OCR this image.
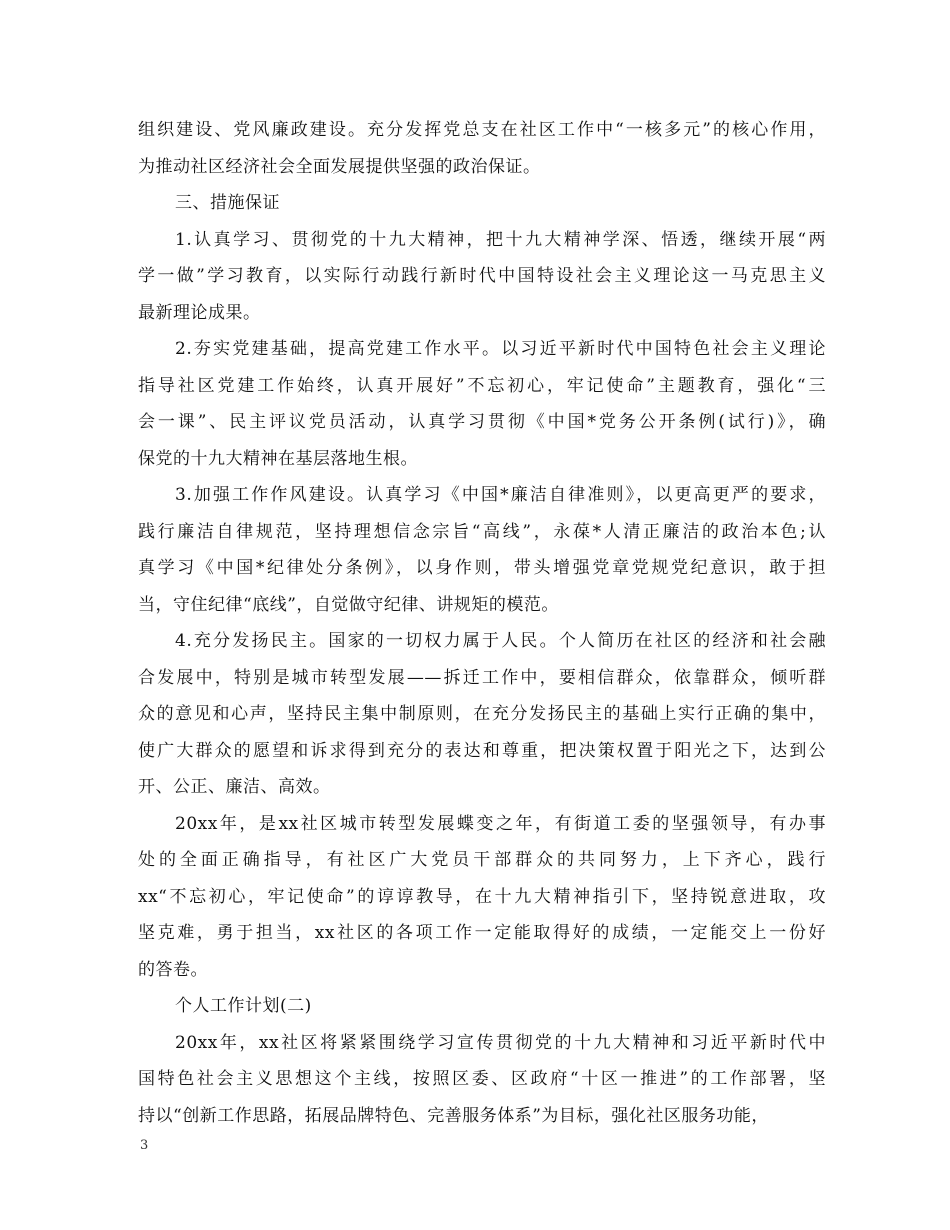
组织建设、党风廉政建设。充分发挥党总支在社区工作中“一核多元”的核心作用，
为推动社区经济社会全面发展提供坚强的政治保证。
三、措施保证
1.认真学习、贯彻党的十九大精神，把十九大精神学深、悟透，继续开展“两
学一做”学习教育，以实际行动践行新时代中国特设社会主义理论这一马克思主义
最新理论成果。
2.夯实党建基础，提高党建工作水平。以习近平新时代中国特色社会主义理论
指导社区党建工作始终，认真开展好”不忘初心，牢记使命”主题教育，强化“三
会一课”、民主评议党员活动，认真学习贯彻《中国*党务公开条例(试行)》，确
保党的十九大精神在基层落地生根。
3.加强工作作风建设。认真学习《中国*廉洁自律准则》，以更高更严的要求，
践行廉洁自律规范，坚持理想信念宗旨“高线”，永葆*人清正廉洁的政治本色;认
真学习《中国*纪律处分条例》，以身作则，带头增强党章党规党纪意识，敢于担
当，守住纪律“底线”，自觉做守纪律、讲规矩的模范。
4.充分发扬民主。国家的一切权力属于人民。个人简历在社区的经济和社会融
合发展中，特别是城市转型发展——拆迁工作中，要相信群众，依靠群众，倾听群
众的意见和心声，坚持民主集中制原则，在充分发扬民主的基础上实行正确的集中，
使广大群众的愿望和诉求得到充分的表达和尊重，把决策权置于阳光之下，达到公
开、公正、廉洁、高效。
20xx年，是xx社区城市转型发展蝶变之年，有街道工委的坚强领导，有办事
处的全面正确指导，有社区广大党员干部群众的共同努力，上下齐心，践行
xx“不忘初心，牢记使命”的谆谆教导，在十九大精神指引下，坚持锐意进取，攻
坚克难，勇于担当，xx社区的各项工作一定能取得好的成绩，一定能交上一份好
的答卷。
个人工作计划(二)
20xx年，xx社区将紧紧围绕学习宣传贯彻党的十九大精神和习近平新时代中
国特色社会主义思想这个主线，按照区委、区政府“十区一推进”的工作部署，坚
持以“创新工作思路，拓展品牌特色、完善服务体系”为目标，强化社区服务功能，
3
